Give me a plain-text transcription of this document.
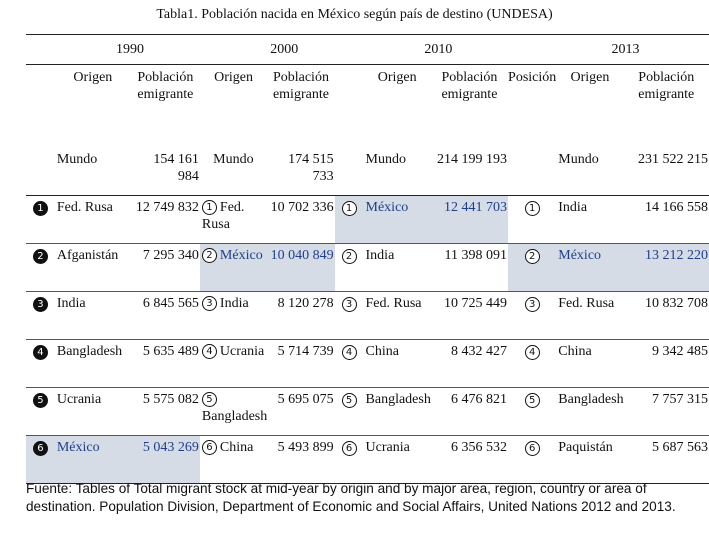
Tabla1. Población nacida en México según país de destino (UNDESA)
1990			2000			2010			2013		
	Origen	Población emigrante	Origen		Población emigrante		Origen	Población emigrante	Posición	Origen	Población emigrante
	Mundo	154 161 984		Mundo	174 515 733		Mundo	214 199 193		Mundo	231 522 215
1	Fed. Rusa	12 749 832	1 Fed. Rusa		10 702 336	1	México	12 441 703	1	India	14 166 558
2	Afganistán	7 295 340	2 México		10 040 849	2	India	11 398 091	2	México	13 212 220
3	India	6 845 565	3 India		8 120 278	3	Fed. Rusa	10 725 449	3	Fed. Rusa	10 832 708
4	Bangladesh	5 635 489	4 Ucrania		5 714 739	4	China	8 432 427	4	China	9 342 485
5	Ucrania	5 575 082	5Bangladesh		5 695 075	5	Bangladesh	6 476 821	5	Bangladesh	7 757 315
6	México	5 043 269	6 China		5 493 899	6	Ucrania	6 356 532	6	Paquistán	5 687 563
Fuente: Tables of Total migrant stock at mid-year by origin and by major area, region, country or area of destination. Population Division, Department of Economic and Social Affairs, United Nations 2012 and 2013.
